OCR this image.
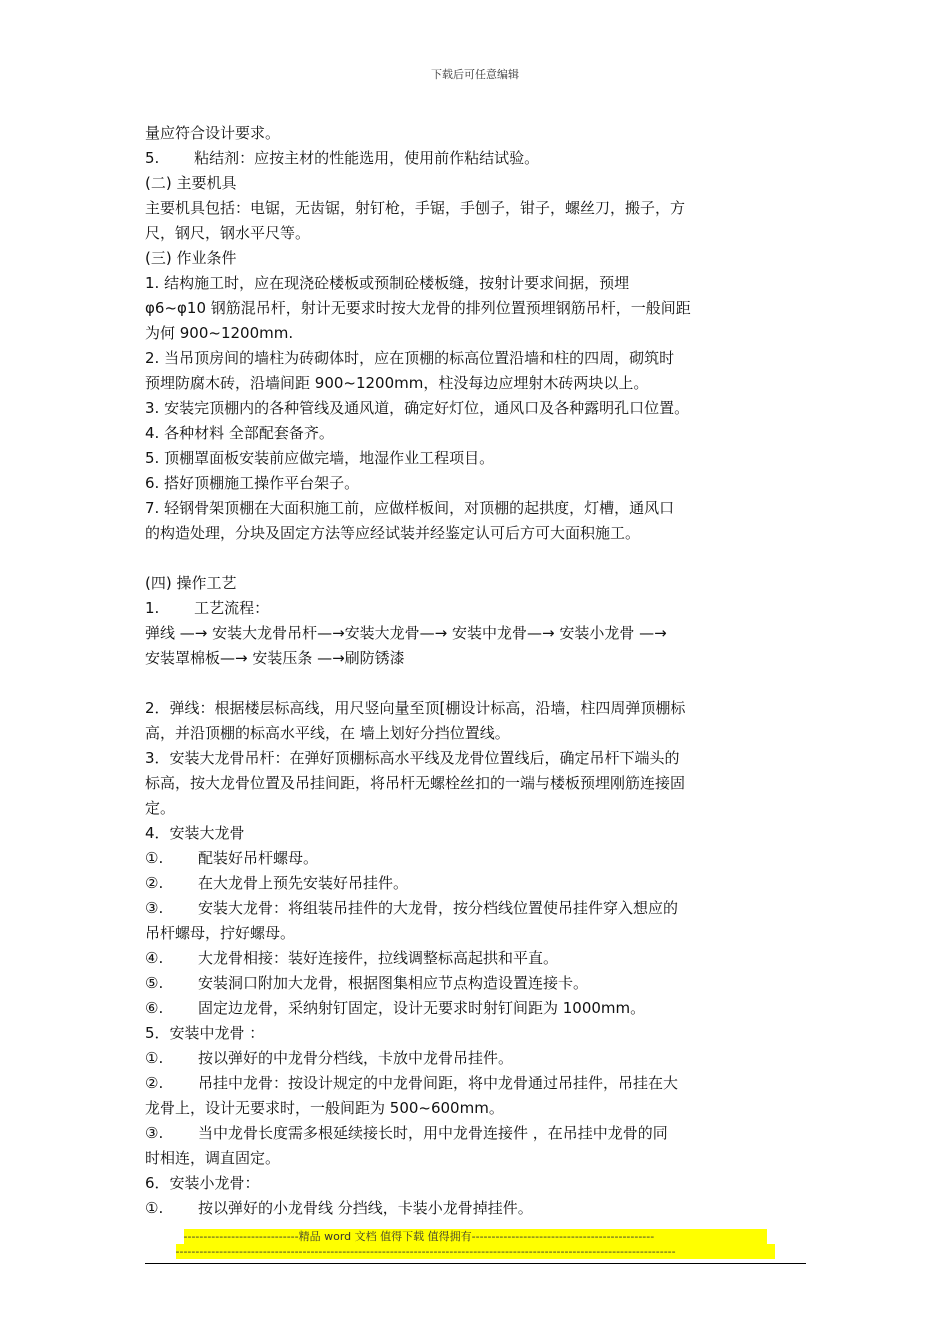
下载后可任意编辑
量应符合设计要求。
5.　　 粘结剂：应按主材的性能选用，使用前作粘结试验。
(二) 主要机具
主要机具包括：电锯，无齿锯，射钉枪，手锯，手刨子，钳子，螺丝刀，搬子，方
尺，钢尺，钢水平尺等。
(三) 作业条件
1. 结构施工时，应在现浇砼楼板或预制砼楼板缝，按射计要求间据，预埋
φ6~φ10 钢筋混吊杆，射计无要求时按大龙骨的排列位置预埋钢筋吊杆，一般间距
为何 900~1200mm.
2. 当吊顶房间的墙柱为砖砌体时，应在顶棚的标高位置沿墙和柱的四周，砌筑时
预埋防腐木砖，沿墙间距 900~1200mm，柱没每边应埋射木砖两块以上。
3. 安装完顶棚内的各种管线及通风道，确定好灯位，通风口及各种露明孔口位置。
4. 各种材料 全部配套备齐。
5. 顶棚罩面板安装前应做完墙，地湿作业工程项目。
6. 搭好顶棚施工操作平台架子。
7. 轻钢骨架顶棚在大面积施工前，应做样板间，对顶棚的起拱度，灯槽，通风口
的构造处理，分块及固定方法等应经试装并经鉴定认可后方可大面积施工。
(四) 操作工艺
1.　　 工艺流程：
弹线 —→ 安装大龙骨吊杆—→安装大龙骨—→ 安装中龙骨—→ 安装小龙骨 —→
安装罩棉板—→ 安装压条 —→刷防锈漆
2．弹线：根据楼层标高线，用尺竖向量至顶[棚设计标高，沿墙，柱四周弹顶棚标
高，并沿顶棚的标高水平线，在 墙上划好分挡位置线。
3．安装大龙骨吊杆：在弹好顶棚标高水平线及龙骨位置线后，确定吊杆下端头的
标高，按大龙骨位置及吊挂间距，将吊杆无螺栓丝扣的一端与楼板预埋刚筋连接固
定。
4．安装大龙骨
①.　　 配装好吊杆螺母。
②.　　 在大龙骨上预先安装好吊挂件。
③.　　 安装大龙骨：将组装吊挂件的大龙骨，按分档线位置使吊挂件穿入想应的
吊杆螺母，拧好螺母。
④.　　 大龙骨相接：装好连接件，拉线调整标高起拱和平直。
⑤.　　 安装洞口附加大龙骨，根据图集相应节点构造设置连接卡。
⑥.　　 固定边龙骨，采纳射钉固定，设计无要求时射钉间距为 1000mm。
5．安装中龙骨 ：
①.　　 按以弹好的中龙骨分档线，卡放中龙骨吊挂件。
②.　　 吊挂中龙骨：按设计规定的中龙骨间距，将中龙骨通过吊挂件，吊挂在大
龙骨上，设计无要求时，一般间距为 500~600mm。
③.　　 当中龙骨长度需多根延续接长时，用中龙骨连接件 ，在吊挂中龙骨的同
时相连，调直固定。
6．安装小龙骨：
①.　　 按以弹好的小龙骨线 分挡线，卡装小龙骨掉挂件。
-----------------------------精品 word 文档 值得下载 值得拥有----------------------------------------------
------------------------------------------------------------------------------------------------------------------------------
